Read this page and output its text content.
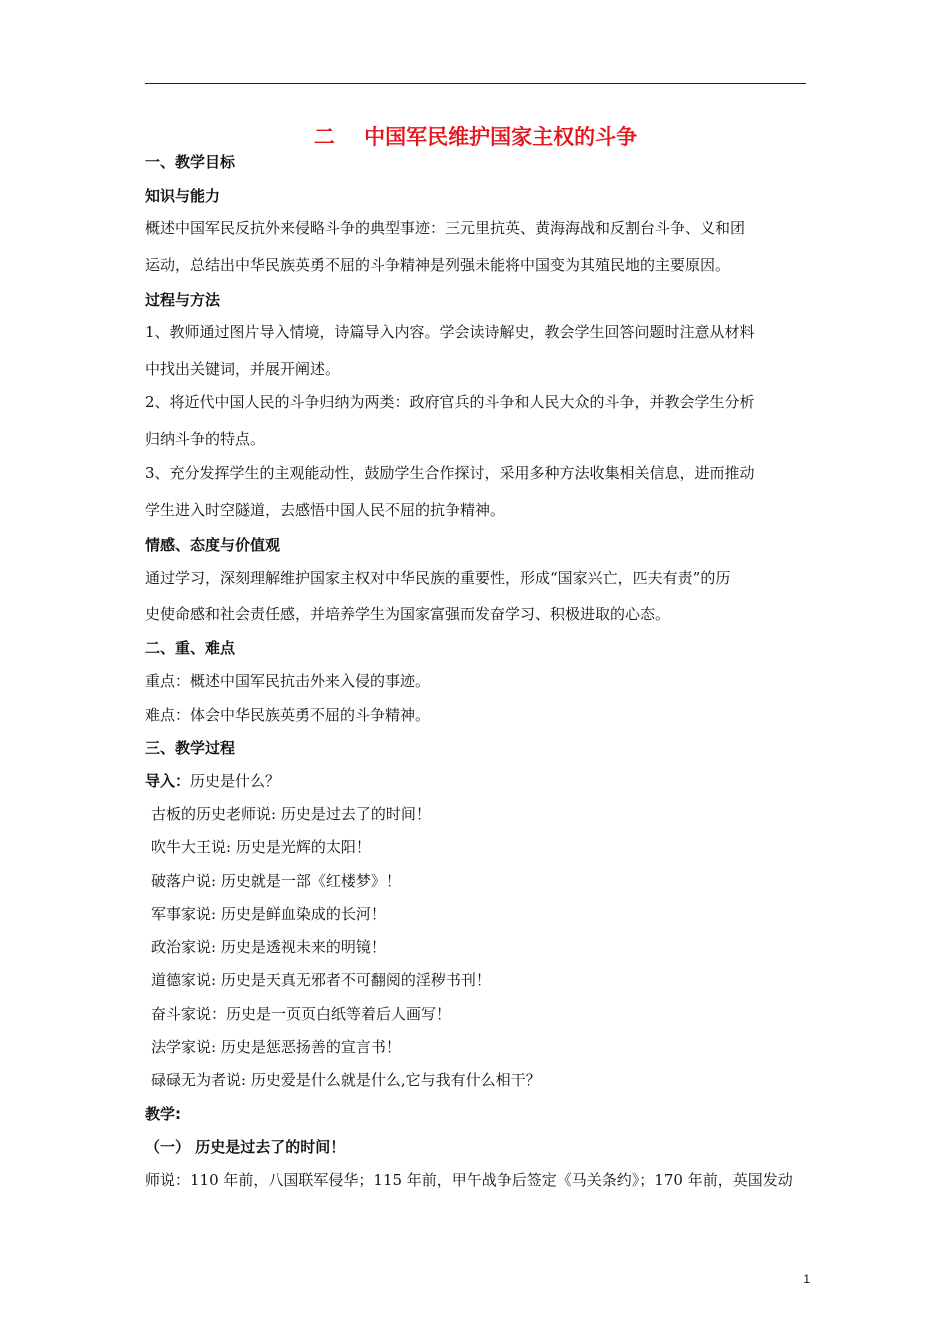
二    中国军民维护国家主权的斗争
一、教学目标
知识与能力
概述中国军民反抗外来侵略斗争的典型事迹：三元里抗英、黄海海战和反割台斗争、义和团
运动，总结出中华民族英勇不屈的斗争精神是列强未能将中国变为其殖民地的主要原因。
过程与方法
1、教师通过图片导入情境，诗篇导入内容。学会读诗解史，教会学生回答问题时注意从材料
中找出关键词，并展开阐述。
2、将近代中国人民的斗争归纳为两类：政府官兵的斗争和人民大众的斗争，并教会学生分析
归纳斗争的特点。
3、充分发挥学生的主观能动性，鼓励学生合作探讨，采用多种方法收集相关信息，进而推动
学生进入时空隧道，去感悟中国人民不屈的抗争精神。
情感、态度与价值观
通过学习，深刻理解维护国家主权对中华民族的重要性，形成“国家兴亡，匹夫有责”的历
史使命感和社会责任感，并培养学生为国家富强而发奋学习、积极进取的心态。
二、重、难点
重点：概述中国军民抗击外来入侵的事迹。
难点：体会中华民族英勇不屈的斗争精神。
三、教学过程
导入：历史是什么？
古板的历史老师说: 历史是过去了的时间！
吹牛大王说: 历史是光辉的太阳！
破落户说: 历史就是一部《红楼梦》！
军事家说: 历史是鲜血染成的长河！
政治家说: 历史是透视未来的明镜！
道德家说: 历史是天真无邪者不可翻阅的淫秽书刊！
奋斗家说：历史是一页页白纸等着后人画写！
法学家说: 历史是惩恶扬善的宣言书！
碌碌无为者说: 历史爱是什么就是什么,它与我有什么相干？
教学:
（一） 历史是过去了的时间！
师说：110 年前，八国联军侵华；115 年前，甲午战争后签定《马关条约》；170 年前，英国发动
1
